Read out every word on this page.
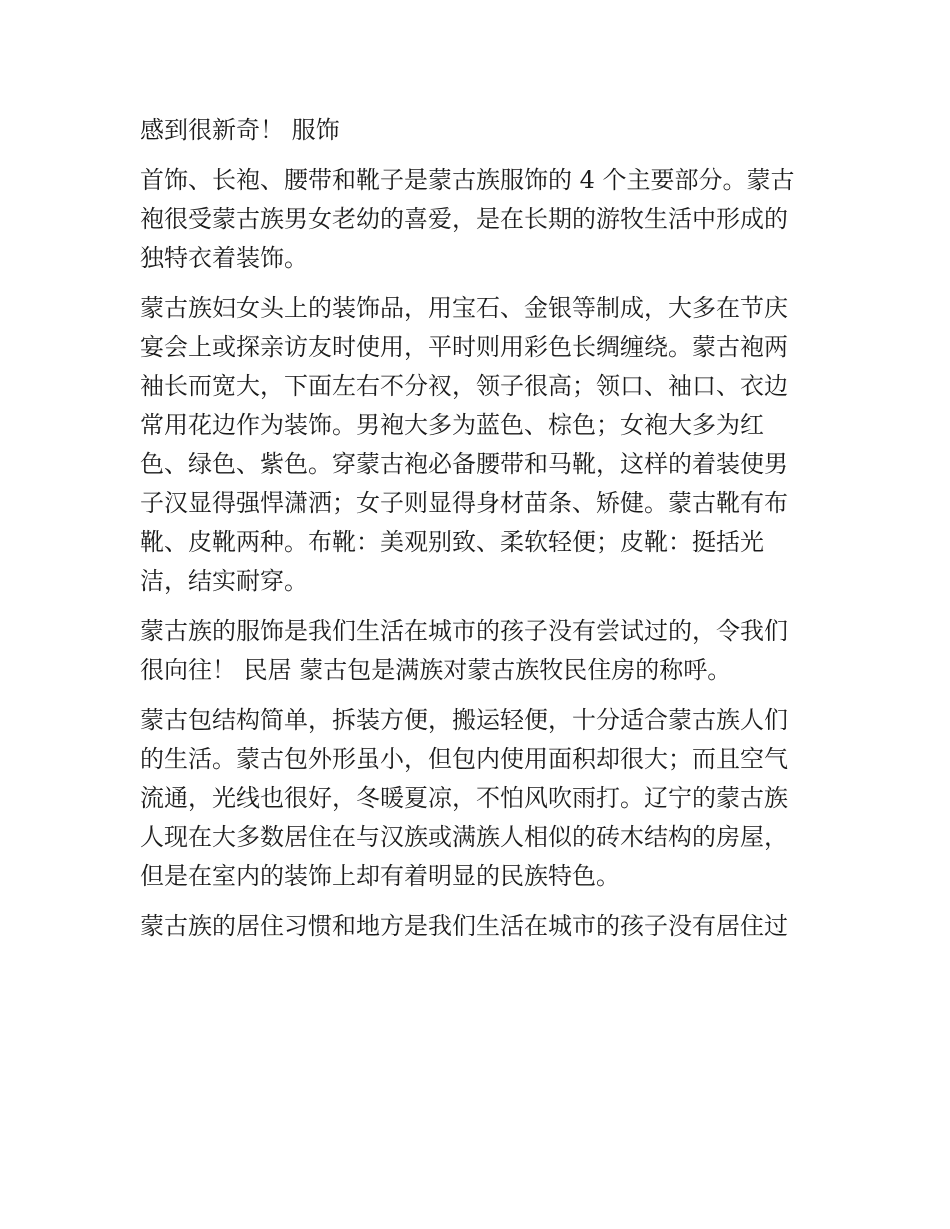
感到很新奇！ 服饰

首饰、长袍、腰带和靴子是蒙古族服饰的 4 个主要部分。蒙古
袍很受蒙古族男女老幼的喜爱，是在长期的游牧生活中形成的
独特衣着装饰。

蒙古族妇女头上的装饰品，用宝石、金银等制成，大多在节庆
宴会上或探亲访友时使用，平时则用彩色长绸缠绕。蒙古袍两
袖长而宽大，下面左右不分衩，领子很高；领口、袖口、衣边
常用花边作为装饰。男袍大多为蓝色、棕色；女袍大多为红
色、绿色、紫色。穿蒙古袍必备腰带和马靴，这样的着装使男
子汉显得强悍潇洒；女子则显得身材苗条、矫健。蒙古靴有布
靴、皮靴两种。布靴：美观别致、柔软轻便；皮靴：挺括光
洁，结实耐穿。

蒙古族的服饰是我们生活在城市的孩子没有尝试过的，令我们
很向往！ 民居 蒙古包是满族对蒙古族牧民住房的称呼。

蒙古包结构简单，拆装方便，搬运轻便，十分适合蒙古族人们
的生活。蒙古包外形虽小，但包内使用面积却很大；而且空气
流通，光线也很好，冬暖夏凉，不怕风吹雨打。辽宁的蒙古族
人现在大多数居住在与汉族或满族人相似的砖木结构的房屋，
但是在室内的装饰上却有着明显的民族特色。

蒙古族的居住习惯和地方是我们生活在城市的孩子没有居住过
